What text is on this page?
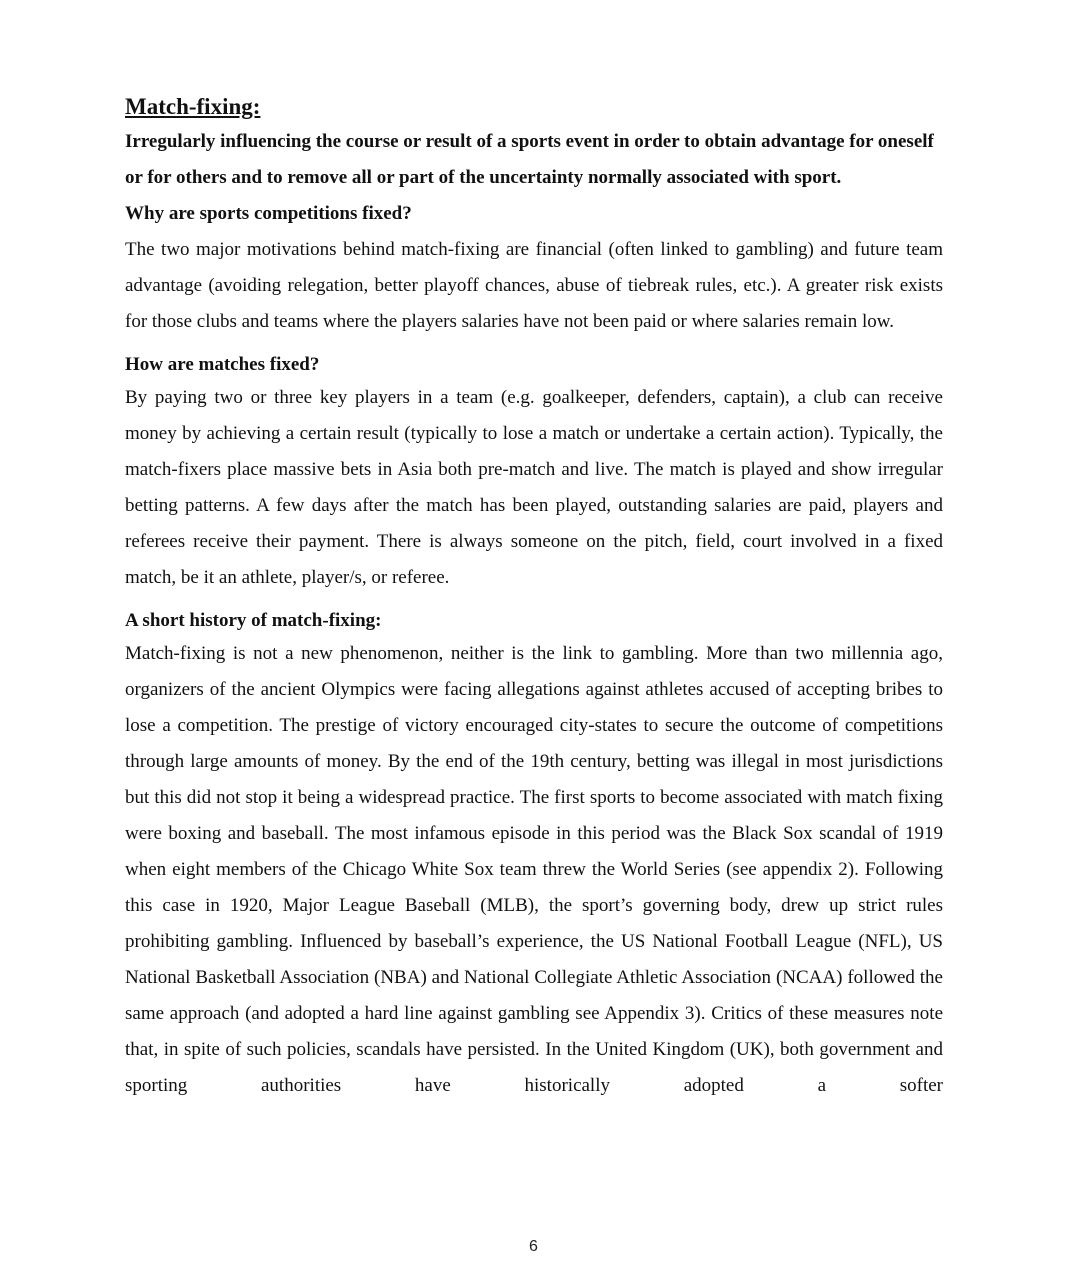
Match-fixing:

Irregularly influencing the course or result of a sports event in order to obtain advantage for oneself or for others and to remove all or part of the uncertainty normally associated with sport.

Why are sports competitions fixed?

The two major motivations behind match-fixing are financial (often linked to gambling) and future team advantage (avoiding relegation, better playoff chances, abuse of tiebreak rules, etc.). A greater risk exists for those clubs and teams where the players salaries have not been paid or where salaries remain low.

How are matches fixed?

By paying two or three key players in a team (e.g. goalkeeper, defenders, captain), a club can receive money by achieving a certain result (typically to lose a match or undertake a certain action). Typically, the match-fixers place massive bets in Asia both pre-match and live. The match is played and show irregular betting patterns. A few days after the match has been played, outstanding salaries are paid, players and referees receive their payment. There is always someone on the pitch, field, court involved in a fixed match, be it an athlete, player/s, or referee.

A short history of match-fixing:

Match-fixing is not a new phenomenon, neither is the link to gambling. More than two millennia ago, organizers of the ancient Olympics were facing allegations against athletes accused of accepting bribes to lose a competition. The prestige of victory encouraged city-states to secure the outcome of competitions through large amounts of money. By the end of the 19th century, betting was illegal in most jurisdictions but this did not stop it being a widespread practice. The first sports to become associated with match fixing were boxing and baseball. The most infamous episode in this period was the Black Sox scandal of 1919 when eight members of the Chicago White Sox team threw the World Series (see appendix 2). Following this case in 1920, Major League Baseball (MLB), the sport’s governing body, drew up strict rules prohibiting gambling. Influenced by baseball’s experience, the US National Football League (NFL), US National Basketball Association (NBA) and National Collegiate Athletic Association (NCAA) followed the same approach (and adopted a hard line against gambling see Appendix 3). Critics of these measures note that, in spite of such policies, scandals have persisted. In the United Kingdom (UK), both government and sporting authorities have historically adopted a softer

6
